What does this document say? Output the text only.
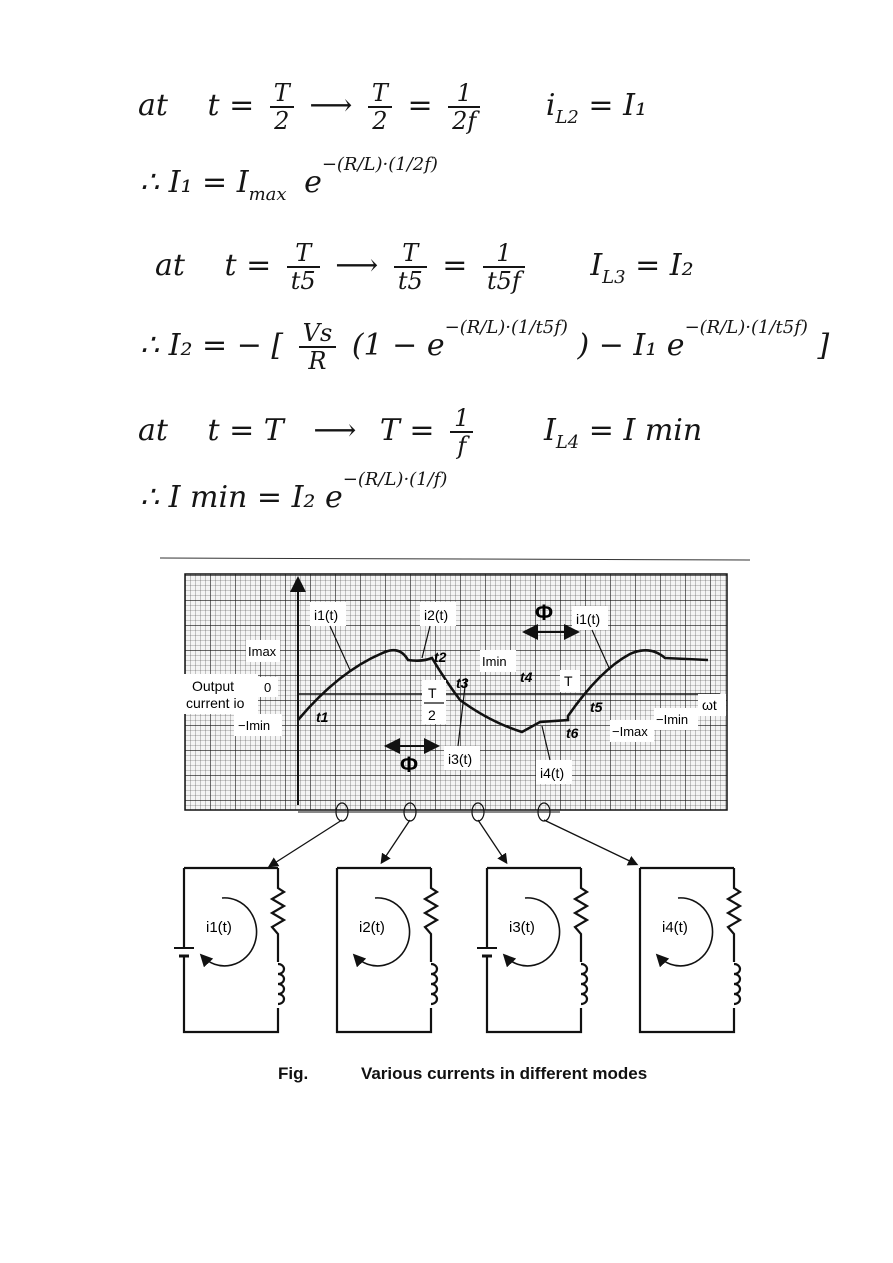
at $t = \frac{T}{2}$ ⟶ $\frac{T}{2} = \frac{1}{2f} i_{L2} = I_1$
∴ $I_1 = I_{max}$ $e^{-(R/L)\cdot(1/2f)}$
at $t = \frac{T}{t5}$ ⟶ $\frac{T}{t5} = \frac{1}{t5f} I_{L3} = I_2$
∴ I₂ = − [ $\frac{Vs}{R} (1 - e^{-(R/L)\cdot(1/t5f)}$ ) − I₁ $e^{-(R/L)\cdot(1/t5f)}$ ]
at t = T ⟶ $T = \frac{1}{f} I_{L4} = I$ min
∴ I min = I₂ $e^{-(R/L)\cdot(1/f)}$
i1(t)	i2(t)	i1(t)
Imax
0
Output
current io
−Imin
Imin
T
2
T
ωt
−Imax
−Imin
i3(t)
i4(t)
Φ
Φ
t1
t2
t3	t4
t5
t6
i1(t)	i2(t)	i3(t)	i4(t)
Fig.	Various currents in different modes
